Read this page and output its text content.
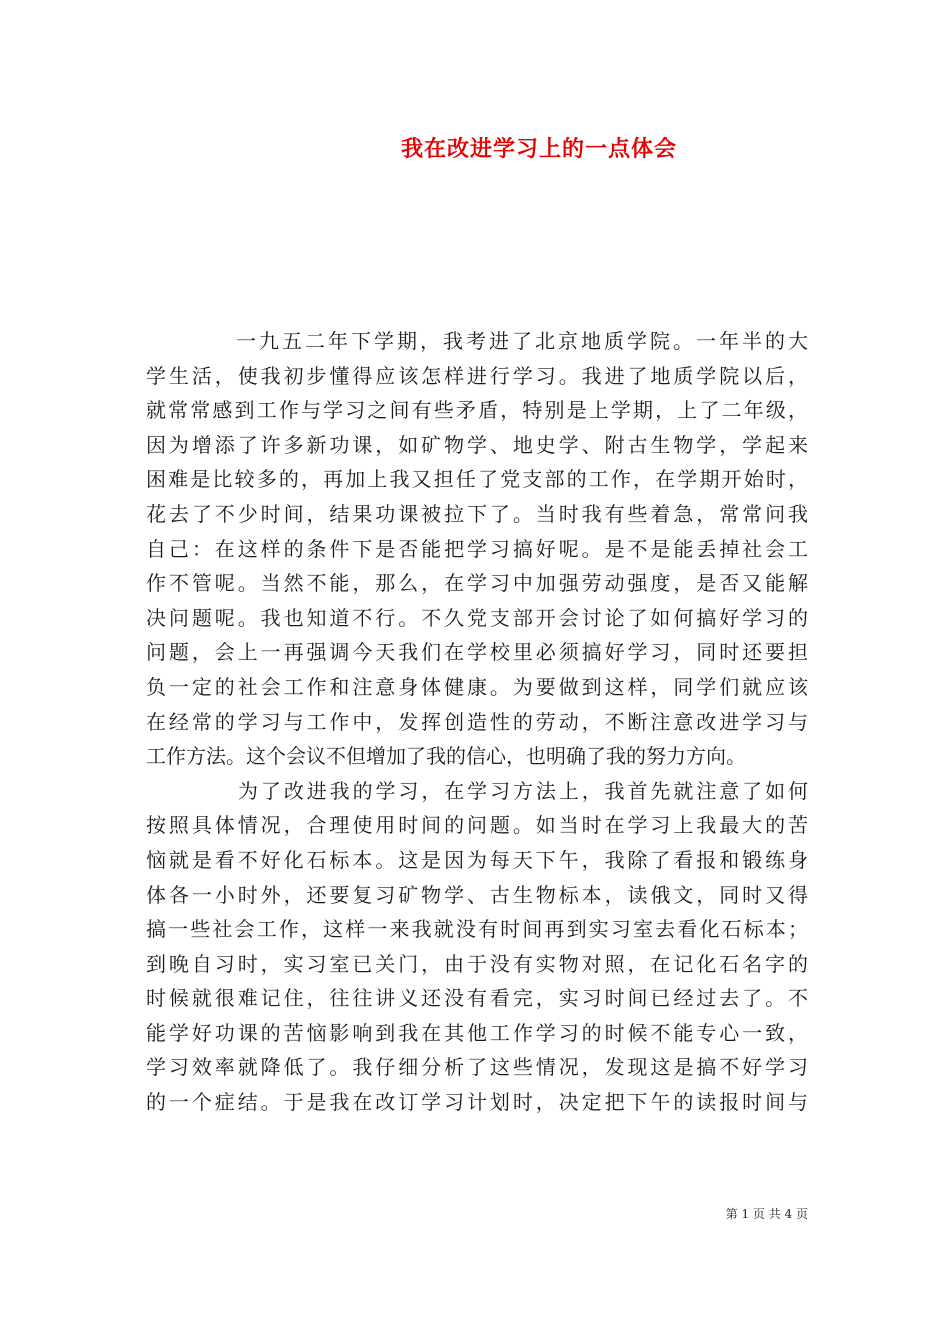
我在改进学习上的一点体会
一九五二年下学期，我考进了北京地质学院。一年半的大
学生活，使我初步懂得应该怎样进行学习。我进了地质学院以后，
就常常感到工作与学习之间有些矛盾，特别是上学期，上了二年级，
因为增添了许多新功课，如矿物学、地史学、附古生物学，学起来
困难是比较多的，再加上我又担任了党支部的工作，在学期开始时，
花去了不少时间，结果功课被拉下了。当时我有些着急，常常问我
自己：在这样的条件下是否能把学习搞好呢。是不是能丢掉社会工
作不管呢。当然不能，那么，在学习中加强劳动强度，是否又能解
决问题呢。我也知道不行。不久党支部开会讨论了如何搞好学习的
问题，会上一再强调今天我们在学校里必须搞好学习，同时还要担
负一定的社会工作和注意身体健康。为要做到这样，同学们就应该
在经常的学习与工作中，发挥创造性的劳动，不断注意改进学习与
工作方法。这个会议不但增加了我的信心，也明确了我的努力方向。
为了改进我的学习，在学习方法上，我首先就注意了如何
按照具体情况，合理使用时间的问题。如当时在学习上我最大的苦
恼就是看不好化石标本。这是因为每天下午，我除了看报和锻练身
体各一小时外，还要复习矿物学、古生物标本，读俄文，同时又得
搞一些社会工作，这样一来我就没有时间再到实习室去看化石标本；
到晚自习时，实习室已关门，由于没有实物对照，在记化石名字的
时候就很难记住，往往讲义还没有看完，实习时间已经过去了。不
能学好功课的苦恼影响到我在其他工作学习的时候不能专心一致，
学习效率就降低了。我仔细分析了这些情况，发现这是搞不好学习
的一个症结。于是我在改订学习计划时，决定把下午的读报时间与
第 1 页 共 4 页
